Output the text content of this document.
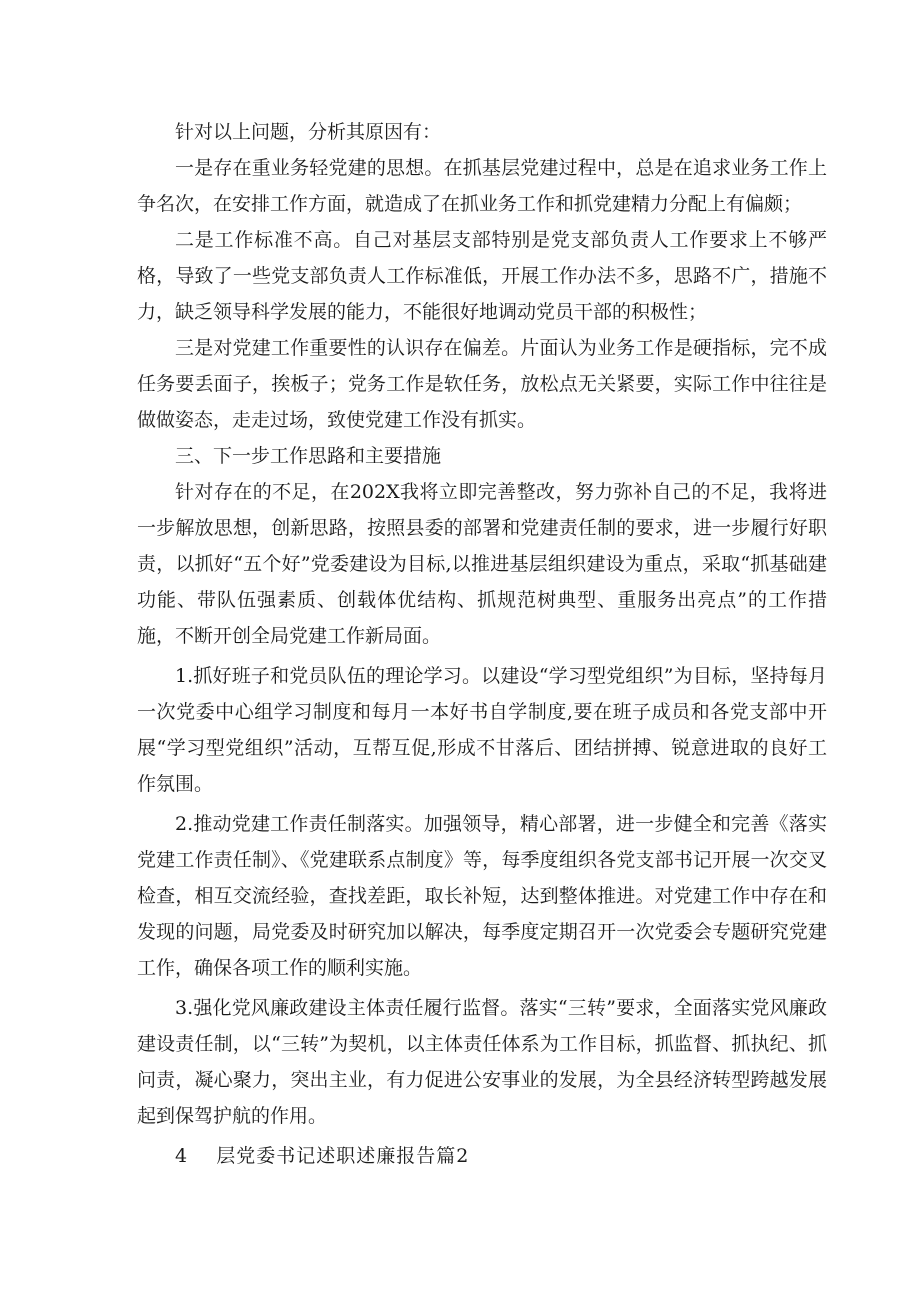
针对以上问题，分析其原因有：

一是存在重业务轻党建的思想。在抓基层党建过程中，总是在追求业务工作上争名次，在安排工作方面，就造成了在抓业务工作和抓党建精力分配上有偏颇；

二是工作标准不高。自己对基层支部特别是党支部负责人工作要求上不够严格，导致了一些党支部负责人工作标准低，开展工作办法不多，思路不广，措施不力，缺乏领导科学发展的能力，不能很好地调动党员干部的积极性；

三是对党建工作重要性的认识存在偏差。片面认为业务工作是硬指标，完不成任务要丢面子，挨板子；党务工作是软任务，放松点无关紧要，实际工作中往往是做做姿态，走走过场，致使党建工作没有抓实。

三、下一步工作思路和主要措施

针对存在的不足，在202X我将立即完善整改，努力弥补自己的不足，我将进一步解放思想，创新思路，按照县委的部署和党建责任制的要求，进一步履行好职责，以抓好“五个好”党委建设为目标,以推进基层组织建设为重点，采取“抓基础建功能、带队伍强素质、创载体优结构、抓规范树典型、重服务出亮点”的工作措施，不断开创全局党建工作新局面。

1.抓好班子和党员队伍的理论学习。以建设“学习型党组织”为目标，坚持每月一次党委中心组学习制度和每月一本好书自学制度,要在班子成员和各党支部中开展“学习型党组织”活动，互帮互促,形成不甘落后、团结拼搏、锐意进取的良好工作氛围。

2.推动党建工作责任制落实。加强领导，精心部署，进一步健全和完善《落实党建工作责任制》、《党建联系点制度》等，每季度组织各党支部书记开展一次交叉检查，相互交流经验，查找差距，取长补短，达到整体推进。对党建工作中存在和发现的问题，局党委及时研究加以解决，每季度定期召开一次党委会专题研究党建工作，确保各项工作的顺利实施。

3.强化党风廉政建设主体责任履行监督。落实“三转”要求，全面落实党风廉政建设责任制，以“三转”为契机，以主体责任体系为工作目标，抓监督、抓执纪、抓问责，凝心聚力，突出主业，有力促进公安事业的发展，为全县经济转型跨越发展起到保驾护航的作用。

4    层党委书记述职述廉报告篇2
